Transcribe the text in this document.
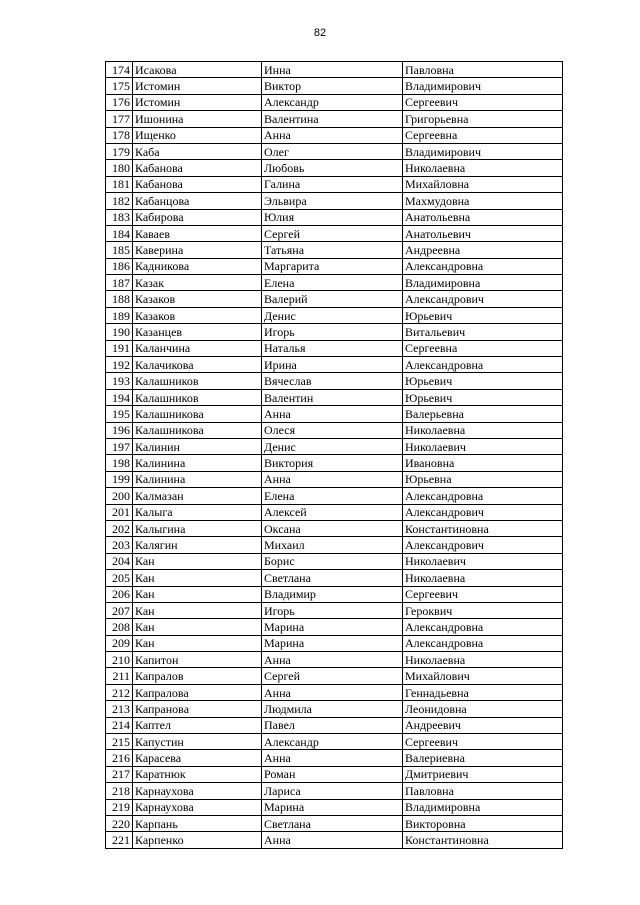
82
174	Исакова	Инна	Павловна
175	Истомин	Виктор	Владимирович
176	Истомин	Александр	Сергеевич
177	Ишонина	Валентина	Григорьевна
178	Ищенко	Анна	Сергеевна
179	Каба	Олег	Владимирович
180	Кабанова	Любовь	Николаевна
181	Кабанова	Галина	Михайловна
182	Кабанцова	Эльвира	Махмудовна
183	Кабирова	Юлия	Анатольевна
184	Каваев	Сергей	Анатольевич
185	Каверина	Татьяна	Андреевна
186	Кадникова	Маргарита	Александровна
187	Казак	Елена	Владимировна
188	Казаков	Валерий	Александрович
189	Казаков	Денис	Юрьевич
190	Казанцев	Игорь	Витальевич
191	Каланчина	Наталья	Сергеевна
192	Калачикова	Ирина	Александровна
193	Калашников	Вячеслав	Юрьевич
194	Калашников	Валентин	Юрьевич
195	Калашникова	Анна	Валерьевна
196	Калашникова	Олеся	Николаевна
197	Калинин	Денис	Николаевич
198	Калинина	Виктория	Ивановна
199	Калинина	Анна	Юрьевна
200	Калмазан	Елена	Александровна
201	Калыга	Алексей	Александрович
202	Калыгина	Оксана	Константиновна
203	Калягин	Михаил	Александрович
204	Кан	Борис	Николаевич
205	Кан	Светлана	Николаевна
206	Кан	Владимир	Сергеевич
207	Кан	Игорь	Героквич
208	Кан	Марина	Александровна
209	Кан	Марина	Александровна
210	Капитон	Анна	Николаевна
211	Капралов	Сергей	Михайлович
212	Капралова	Анна	Геннадьевна
213	Капранова	Людмила	Леонидовна
214	Каптел	Павел	Андреевич
215	Капустин	Александр	Сергеевич
216	Карасева	Анна	Валериевна
217	Каратнюк	Роман	Дмитриевич
218	Карнаухова	Лариса	Павловна
219	Карнаухова	Марина	Владимировна
220	Карпань	Светлана	Викторовна
221	Карпенко	Анна	Константиновна
